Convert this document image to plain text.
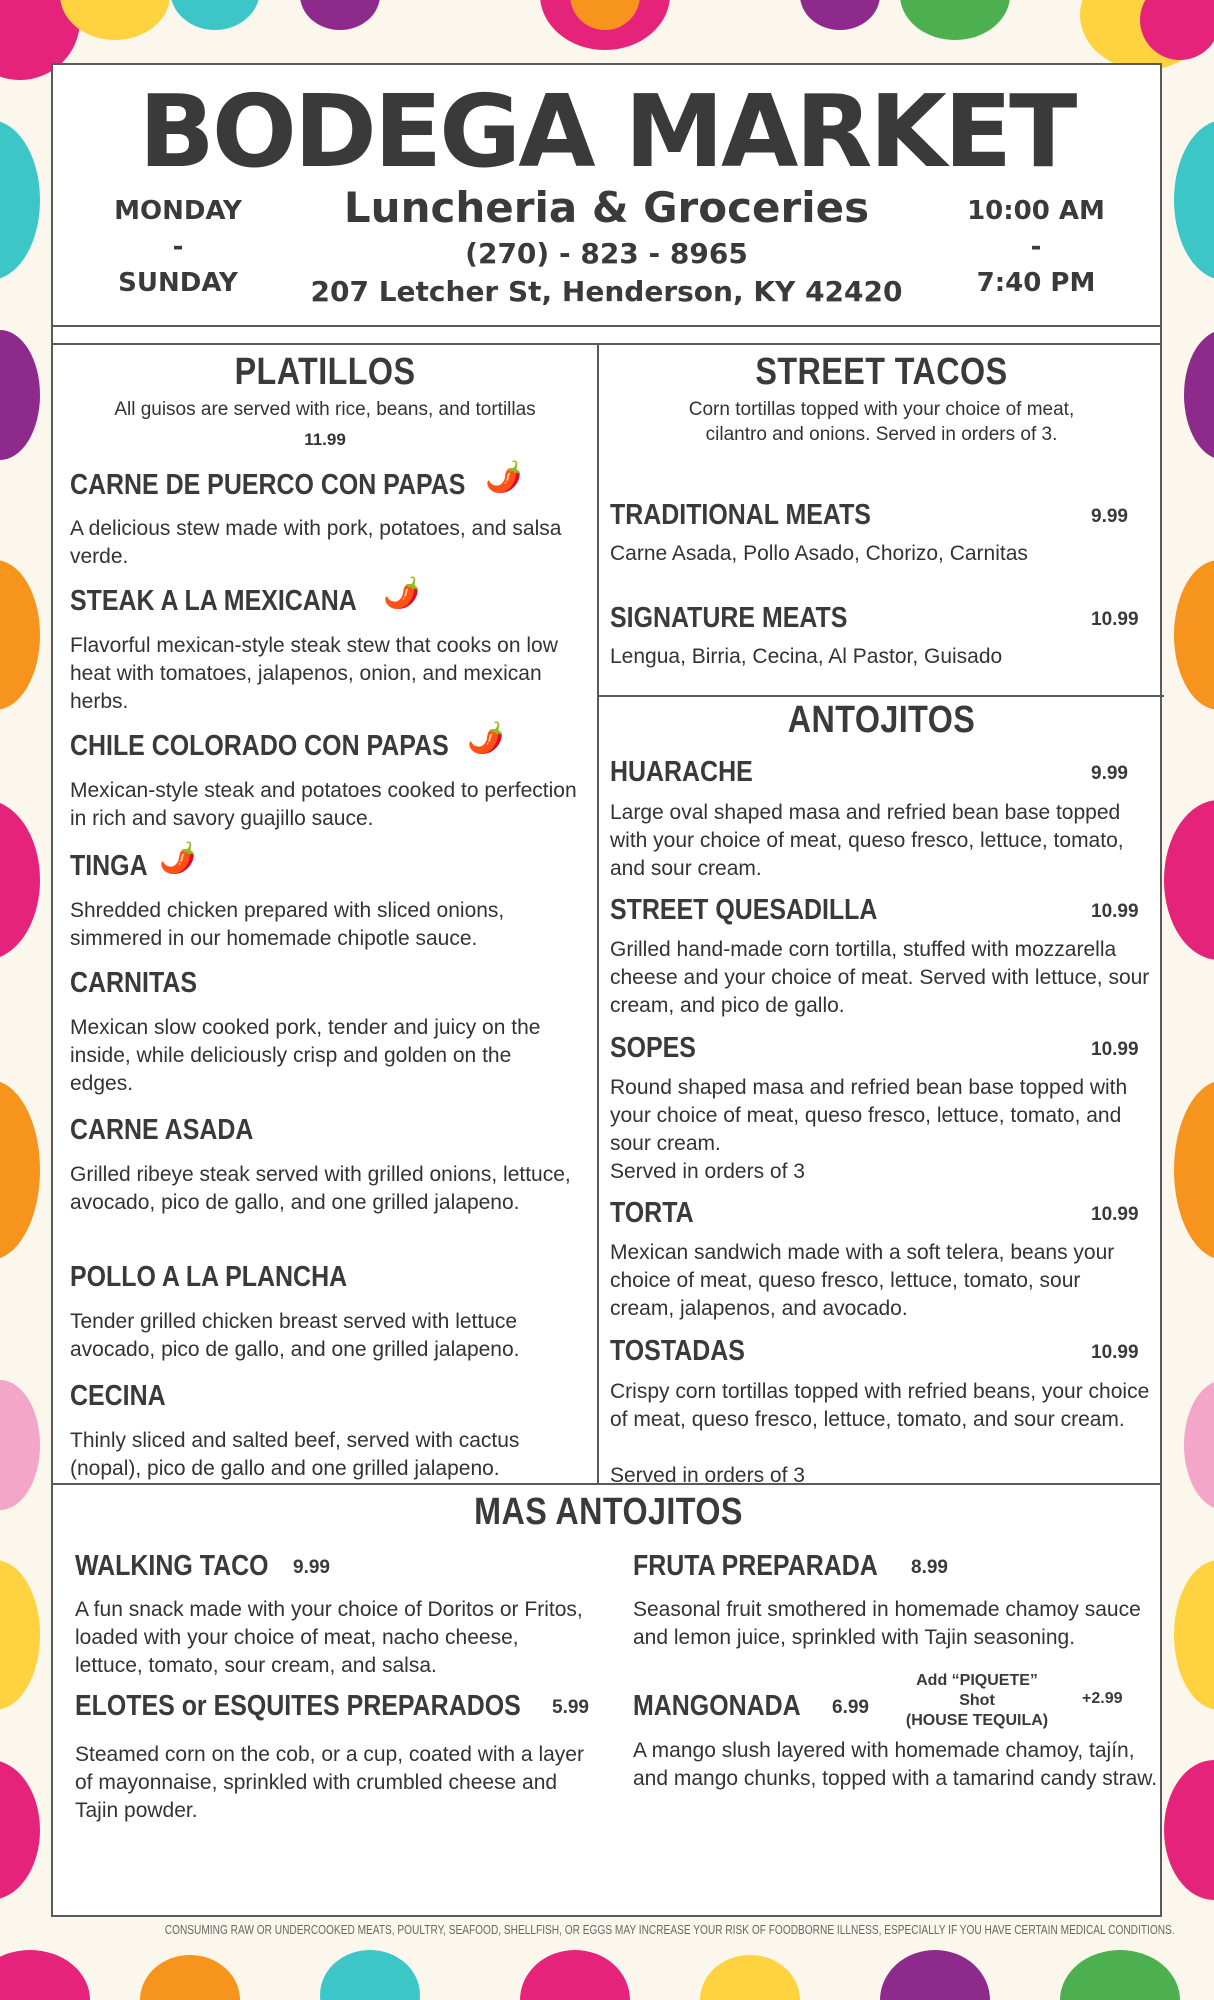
BODEGA MARKET
Luncheria & Groceries
(270) - 823 - 8965
207 Letcher St, Henderson, KY 42420
MONDAY
-
SUNDAY
10:00 AM
-
7:40 PM
PLATILLOS
All guisos are served with rice, beans, and tortillas
11.99
CARNE DE PUERCO CON PAPAS 🌶️
A delicious stew made with pork, potatoes, and salsa verde.
STEAK A LA MEXICANA 🌶️
Flavorful mexican-style steak stew that cooks on low heat with tomatoes, jalapenos, onion, and mexican herbs.
CHILE COLORADO CON PAPAS 🌶️
Mexican-style steak and potatoes cooked to perfection in rich and savory guajillo sauce.
TINGA 🌶️
Shredded chicken prepared with sliced onions, simmered in our homemade chipotle sauce.
CARNITAS
Mexican slow cooked pork, tender and juicy on the inside, while deliciously crisp and golden on the edges.
CARNE ASADA
Grilled ribeye steak served with grilled onions, lettuce, avocado, pico de gallo, and one grilled jalapeno.
POLLO A LA PLANCHA
Tender grilled chicken breast served with lettuce avocado, pico de gallo, and one grilled jalapeno.
CECINA
Thinly sliced and salted beef, served with cactus (nopal), pico de gallo and one grilled jalapeno.
STREET TACOS
Corn tortillas topped with your choice of meat, cilantro and onions. Served in orders of 3.
TRADITIONAL MEATS	9.99
Carne Asada, Pollo Asado, Chorizo, Carnitas
SIGNATURE MEATS	10.99
Lengua, Birria, Cecina, Al Pastor, Guisado
ANTOJITOS
HUARACHE	9.99
Large oval shaped masa and refried bean base topped with your choice of meat, queso fresco, lettuce, tomato, and sour cream.
STREET QUESADILLA	10.99
Grilled hand-made corn tortilla, stuffed with mozzarella cheese and your choice of meat. Served with lettuce, sour cream, and pico de gallo.
SOPES	10.99
Round shaped masa and refried bean base topped with your choice of meat, queso fresco, lettuce, tomato, and sour cream.
Served in orders of 3
TORTA	10.99
Mexican sandwich made with a soft telera, beans your choice of meat, queso fresco, lettuce, tomato, sour cream, jalapenos, and avocado.
TOSTADAS	10.99
Crispy corn tortillas topped with refried beans, your choice of meat, queso fresco, lettuce, tomato, and sour cream.
Served in orders of 3
MAS ANTOJITOS
WALKING TACO 9.99
A fun snack made with your choice of Doritos or Fritos, loaded with your choice of meat, nacho cheese, lettuce, tomato, sour cream, and salsa.
FRUTA PREPARADA 8.99
Seasonal fruit smothered in homemade chamoy sauce and lemon juice, sprinkled with Tajin seasoning.
ELOTES or ESQUITES PREPARADOS 5.99
Steamed corn on the cob, or a cup, coated with a layer of mayonnaise, sprinkled with crumbled cheese and Tajin powder.
MANGONADA 6.99
Add “PIQUETE” Shot
(HOUSE TEQUILA)
+2.99
A mango slush layered with homemade chamoy, tajín, and mango chunks, topped with a tamarind candy straw.
CONSUMING RAW OR UNDERCOOKED MEATS, POULTRY, SEAFOOD, SHELLFISH, OR EGGS MAY INCREASE YOUR RISK OF FOODBORNE ILLNESS, ESPECIALLY IF YOU HAVE CERTAIN MEDICAL CONDITIONS.
